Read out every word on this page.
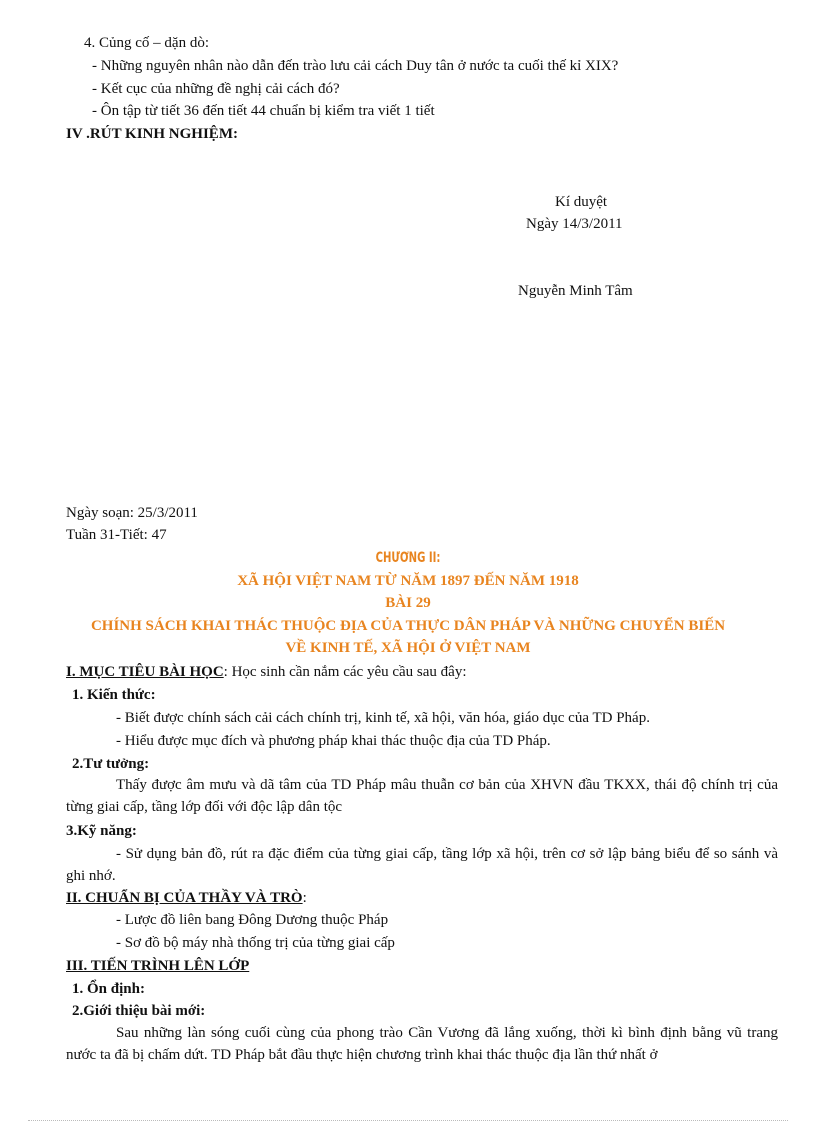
4. Củng cố – dặn dò:
- Những nguyên nhân nào dẫn đến trào lưu cải cách Duy tân ở nước ta cuối thế kỉ XIX?
- Kết cục của những đề nghị cải cách đó?
- Ôn tập từ tiết 36 đến tiết 44 chuẩn bị kiểm tra viết 1 tiết
IV .RÚT KINH NGHIỆM:
Kí duyệt
Ngày 14/3/2011
Nguyễn Minh Tâm
Ngày soạn: 25/3/2011
Tuần 31-Tiết: 47
CHƯƠNG II:
XÃ HỘI VIỆT NAM TỪ NĂM 1897 ĐẾN NĂM 1918
BÀI 29
CHÍNH SÁCH KHAI THÁC THUỘC ĐỊA CỦA THỰC DÂN PHÁP VÀ NHỮNG CHUYỂN BIẾN
VỀ KINH TẾ, XÃ HỘI Ở VIỆT NAM
I. MỤC TIÊU BÀI HỌC: Học sinh cần nắm các yêu cầu sau đây:
1. Kiến thức:
- Biết được chính sách cải cách chính trị, kinh tế, xã hội, văn hóa, giáo dục của TD Pháp.
- Hiểu được mục đích và phương pháp khai thác thuộc địa của TD Pháp.
2.Tư tưởng:
Thấy được âm mưu và dã tâm của TD Pháp mâu thuẫn cơ bản của XHVN đầu TKXX, thái độ chính trị của từng giai cấp, tầng lớp đối với độc lập dân tộc
3.Kỹ năng:
- Sử dụng bản đồ, rút ra đặc điểm của từng giai cấp, tầng lớp xã hội, trên cơ sở lập bảng biểu để so sánh và ghi nhớ.
II. CHUẨN BỊ CỦA THẦY VÀ TRÒ:
- Lược đồ liên bang Đông Dương thuộc Pháp
- Sơ đồ bộ máy nhà thống trị của từng giai cấp
III. TIẾN TRÌNH LÊN LỚP
1. Ổn định:
2.Giới thiệu bài mới:
Sau những làn sóng cuối cùng của phong trào Cần Vương đã lắng xuống, thời kì bình định bằng vũ trang nước ta đã bị chấm dứt. TD Pháp bắt đầu thực hiện chương trình khai thác thuộc địa lần thứ nhất ở
